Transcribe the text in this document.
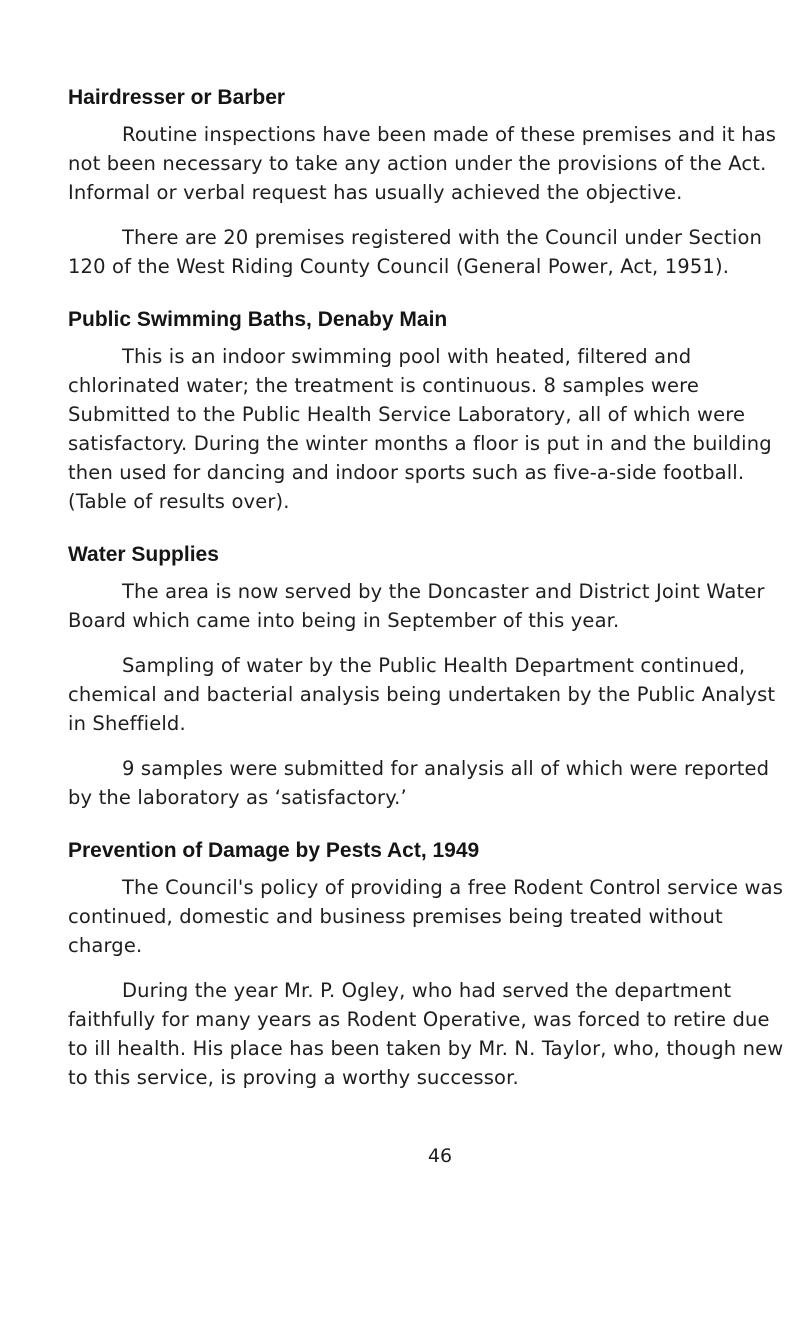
Hairdresser or Barber

Routine inspections have been made of these premises and it has not been necessary to take any action under the provisions of the Act. Informal or verbal request has usually achieved the objective.

There are 20 premises registered with the Council under Section 120 of the West Riding County Council (General Power, Act, 1951).

Public Swimming Baths, Denaby Main

This is an indoor swimming pool with heated, filtered and chlorinated water; the treatment is continuous. 8 samples were Submitted to the Public Health Service Laboratory, all of which were satisfactory. During the winter months a floor is put in and the building then used for dancing and indoor sports such as five-a-side football. (Table of results over).

Water Supplies

The area is now served by the Doncaster and District Joint Water Board which came into being in September of this year.

Sampling of water by the Public Health Department continued, chemical and bacterial analysis being undertaken by the Public Analyst in Sheffield.

9 samples were submitted for analysis all of which were reported by the laboratory as ‘satisfactory.’

Prevention of Damage by Pests Act, 1949

The Council's policy of providing a free Rodent Control service was continued, domestic and business premises being treated without charge.

During the year Mr. P. Ogley, who had served the department faithfully for many years as Rodent Operative, was forced to retire due to ill health. His place has been taken by Mr. N. Taylor, who, though new to this service, is proving a worthy successor.

46
